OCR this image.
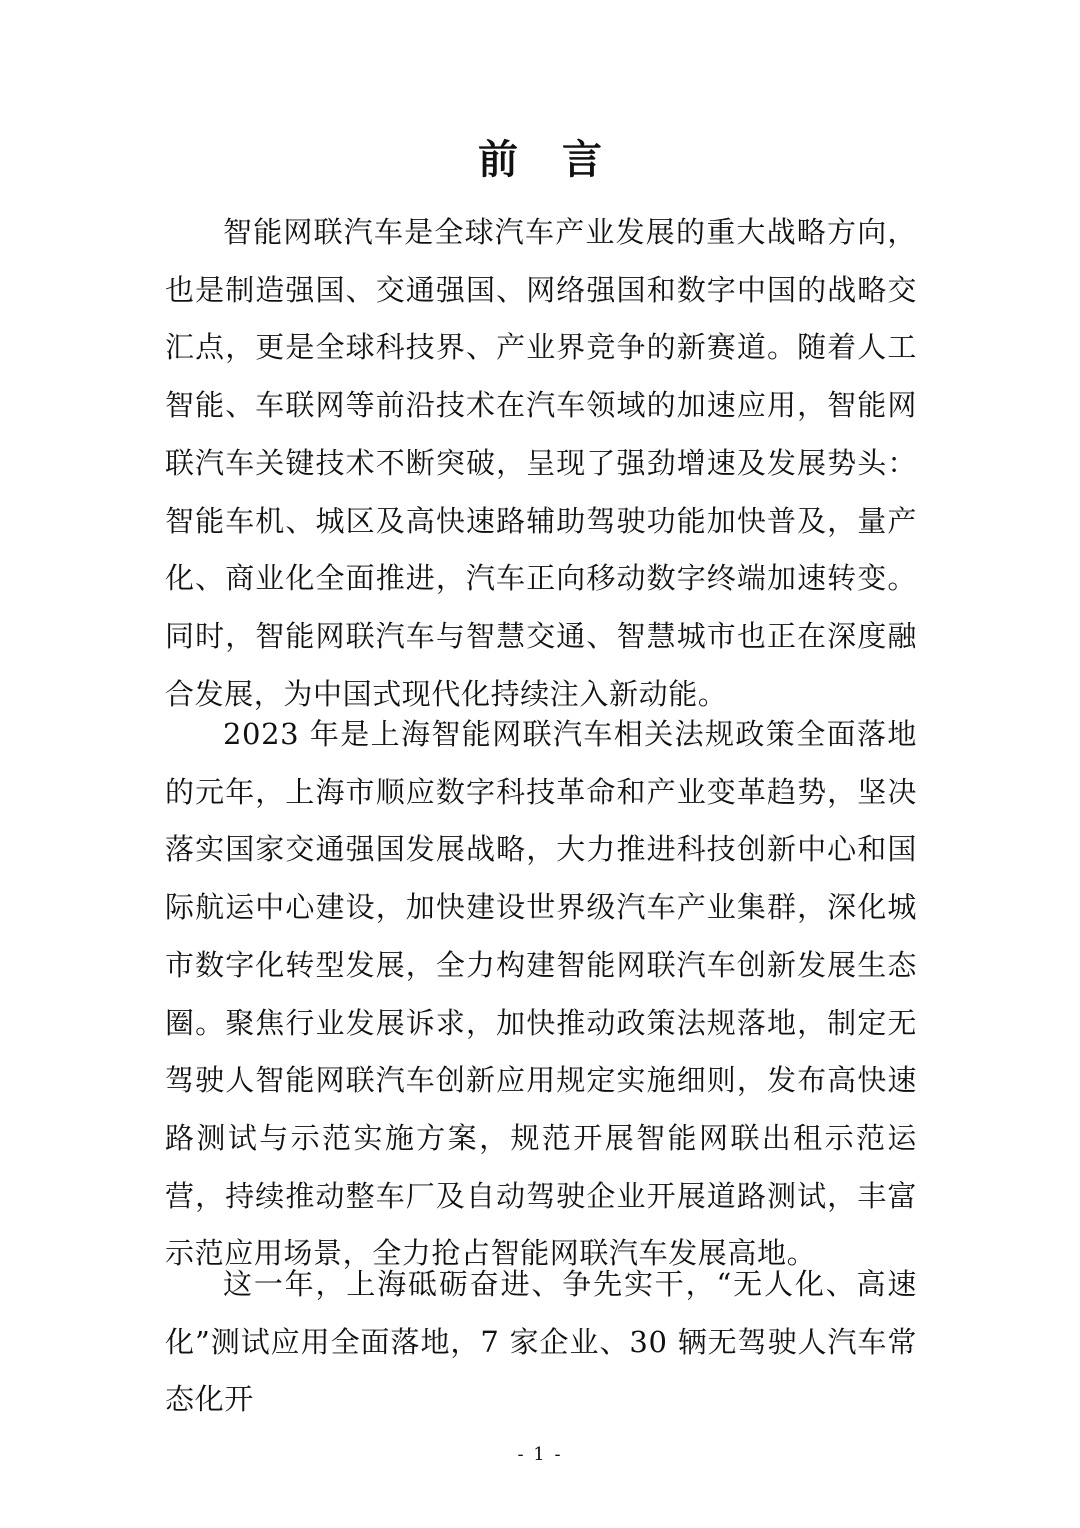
前言

智能网联汽车是全球汽车产业发展的重大战略方向，也是制造强国、交通强国、网络强国和数字中国的战略交汇点，更是全球科技界、产业界竞争的新赛道。随着人工智能、车联网等前沿技术在汽车领域的加速应用，智能网联汽车关键技术不断突破，呈现了强劲增速及发展势头：智能车机、城区及高快速路辅助驾驶功能加快普及，量产化、商业化全面推进，汽车正向移动数字终端加速转变。同时，智能网联汽车与智慧交通、智慧城市也正在深度融合发展，为中国式现代化持续注入新动能。

2023 年是上海智能网联汽车相关法规政策全面落地的元年，上海市顺应数字科技革命和产业变革趋势，坚决落实国家交通强国发展战略，大力推进科技创新中心和国际航运中心建设，加快建设世界级汽车产业集群，深化城市数字化转型发展，全力构建智能网联汽车创新发展生态圈。聚焦行业发展诉求，加快推动政策法规落地，制定无驾驶人智能网联汽车创新应用规定实施细则，发布高快速路测试与示范实施方案，规范开展智能网联出租示范运营，持续推动整车厂及自动驾驶企业开展道路测试，丰富示范应用场景，全力抢占智能网联汽车发展高地。

这一年，上海砥砺奋进、争先实干，“无人化、高速化”测试应用全面落地，7 家企业、30 辆无驾驶人汽车常态化开

- 1 -
